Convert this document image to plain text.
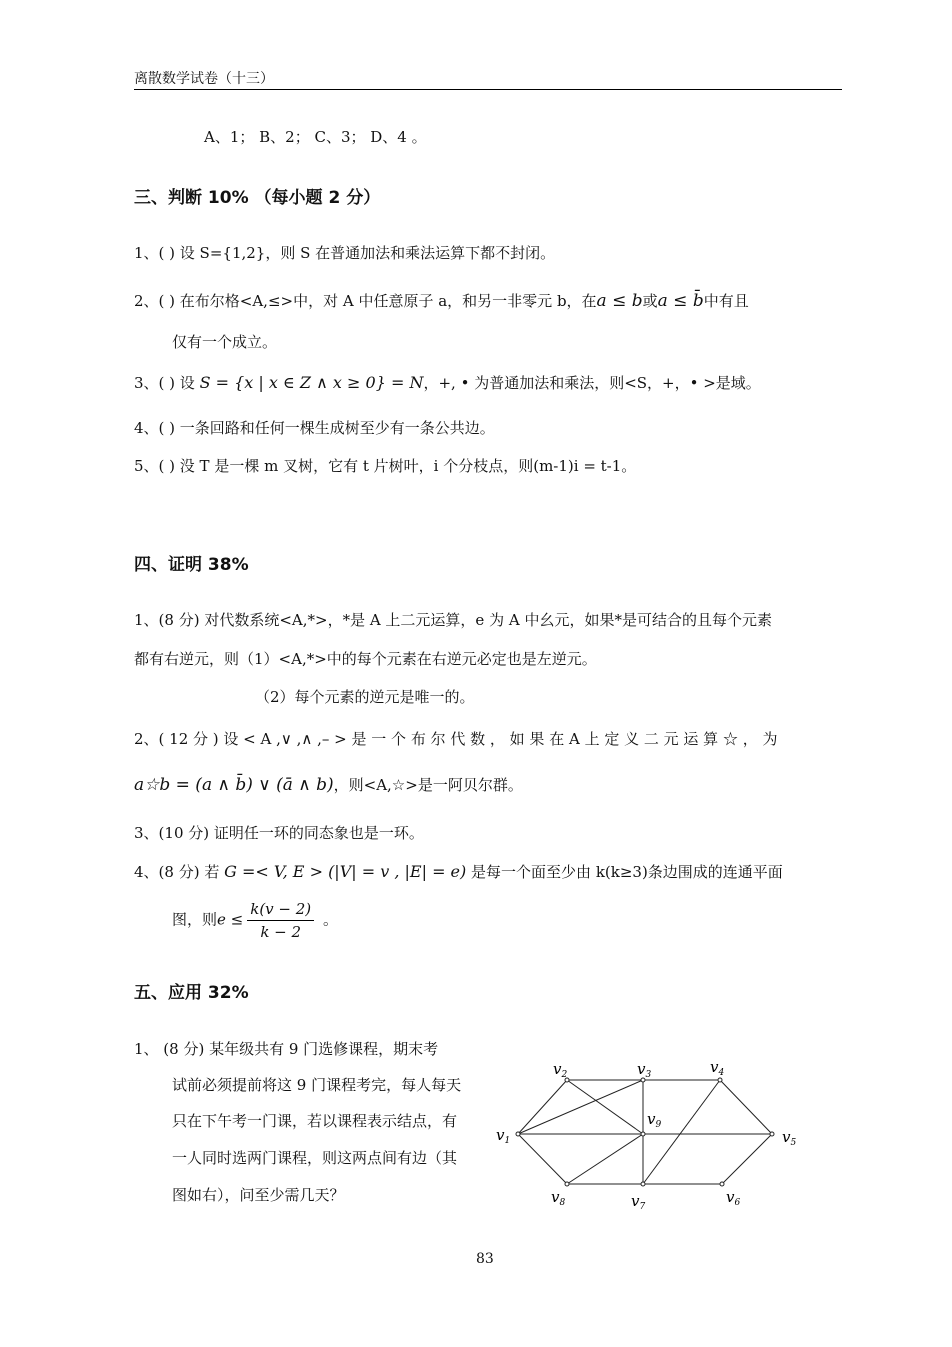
离散数学试卷（十三）
A、1； B、2； C、3； D、4 。
三、判断 10% （每小题 2 分）
1、( ) 设 S={1,2}，则 S 在普通加法和乘法运算下都不封闭。
2、( ) 在布尔格<A,≤>中，对 A 中任意原子 a，和另一非零元 b，在a ≤ b或a ≤ b̄中有且
仅有一个成立。
3、( ) 设 S = {x | x ∈ Z ∧ x ≥ 0} = N，+, • 为普通加法和乘法，则<S，+，• >是域。
4、( ) 一条回路和任何一棵生成树至少有一条公共边。
5、( ) 没 T 是一棵 m 叉树，它有 t 片树叶，i 个分枝点，则(m-1)i = t-1。
四、证明 38%
1、(8 分) 对代数系统<A,*>，*是 A 上二元运算，e 为 A 中幺元，如果*是可结合的且每个元素
都有右逆元，则（1）<A,*>中的每个元素在右逆元必定也是左逆元。
（2）每个元素的逆元是唯一的。
2、( 12 分 ) 设 < A ,∨ ,∧ ,– > 是 一 个 布 尔 代 数 ， 如 果 在 A 上 定 义 二 元 运 算 ☆ ， 为
a☆b = (a ∧ b̄) ∨ (ā ∧ b)，则<A,☆>是一阿贝尔群。
3、(10 分) 证明任一环的同态象也是一环。
4、(8 分) 若 G =< V, E > (|V| = v , |E| = e) 是每一个面至少由 k(k≥3)条边围成的连通平面
图，则$e \le \frac{k(v - 2)}{k - 2}$ 。
五、应用 32%
1、 (8 分) 某年级共有 9 门选修课程，期末考
试前必须提前将这 9 门课程考完，每人每天
只在下午考一门课，若以课程表示结点，有
一人同时选两门课程，则这两点间有边（其
图如右），问至少需几天？
$v_1$
$v_2$	$v_3$	$v_4$
$v_5$
$v_6$
$v_7$
$v_8$
$v_9$
83
